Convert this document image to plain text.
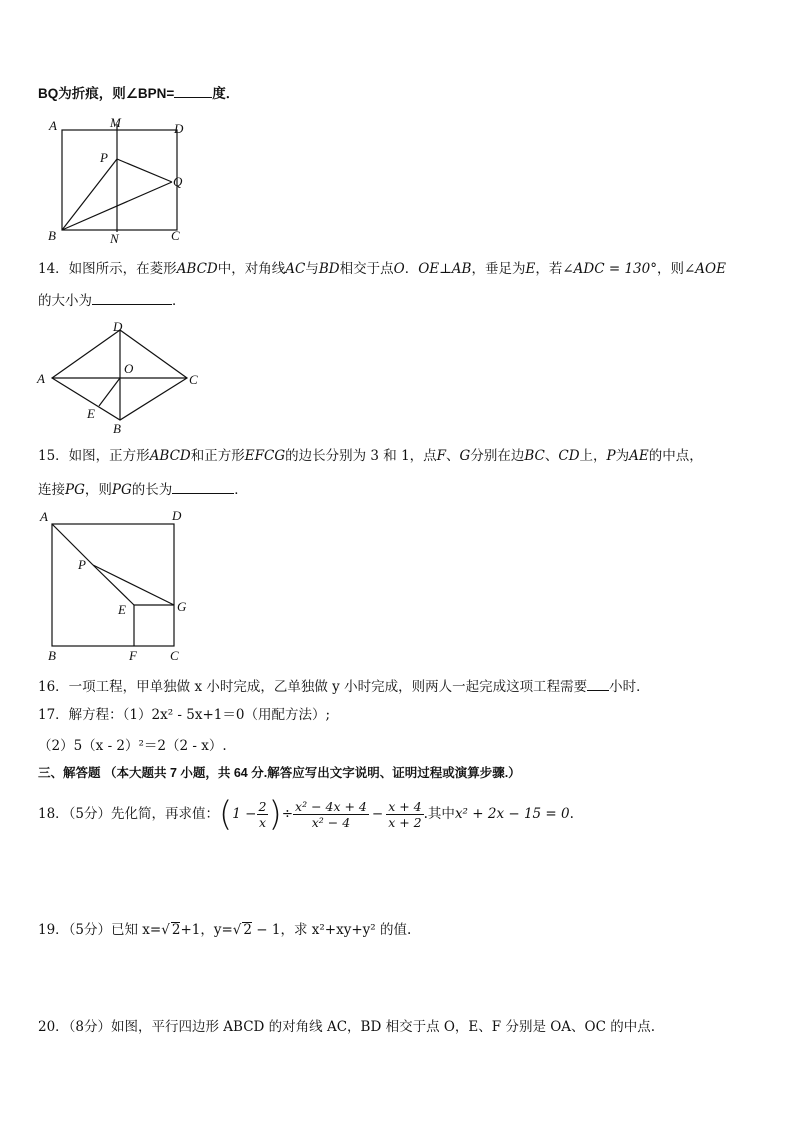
BQ为折痕，则∠BPN=	度．
A	M	D
P
Q
B	N	C
14．如图所示，在菱形ABCD中，对角线AC与BD相交于点O．OE⊥AB，垂足为E，若∠ADC = 130°，则∠AOE
的大小为	．
D
A
O
C
E
B
15．如图，正方形ABCD和正方形EFCG的边长分别为 3 和 1，点F、G分别在边BC、CD上，P为AE的中点，
连接PG，则PG的长为	．
A	D
P
E	G
B	F	C
16．一项工程，甲单独做 x 小时完成，乙单独做 y 小时完成，则两人一起完成这项工程需要 小时．
17．解方程：（1）2x² - 5x+1＝0（用配方法）;
（2）5（x - 2）²＝2（2 - x）.
三、解答题 （本大题共 7 小题，共 64 分.解答应写出文字说明、证明过程或演算步骤.）
18．（5分）先化简，再求值：($1 - \frac{2}{x}$ )÷ $\frac{\text{x² − 4x + 4}}{\text{x² − 4}} - \frac{x + 4}{x + 2}$ .其中x² + 2x − 15 = 0.
19．（5分）已知 x=√ 2+1，y=√ 2 − 1，求 x²+xy+y² 的值.
20．（8分）如图，平行四边形 ABCD 的对角线 AC，BD 相交于点 O，E、F 分别是 OA、OC 的中点.
